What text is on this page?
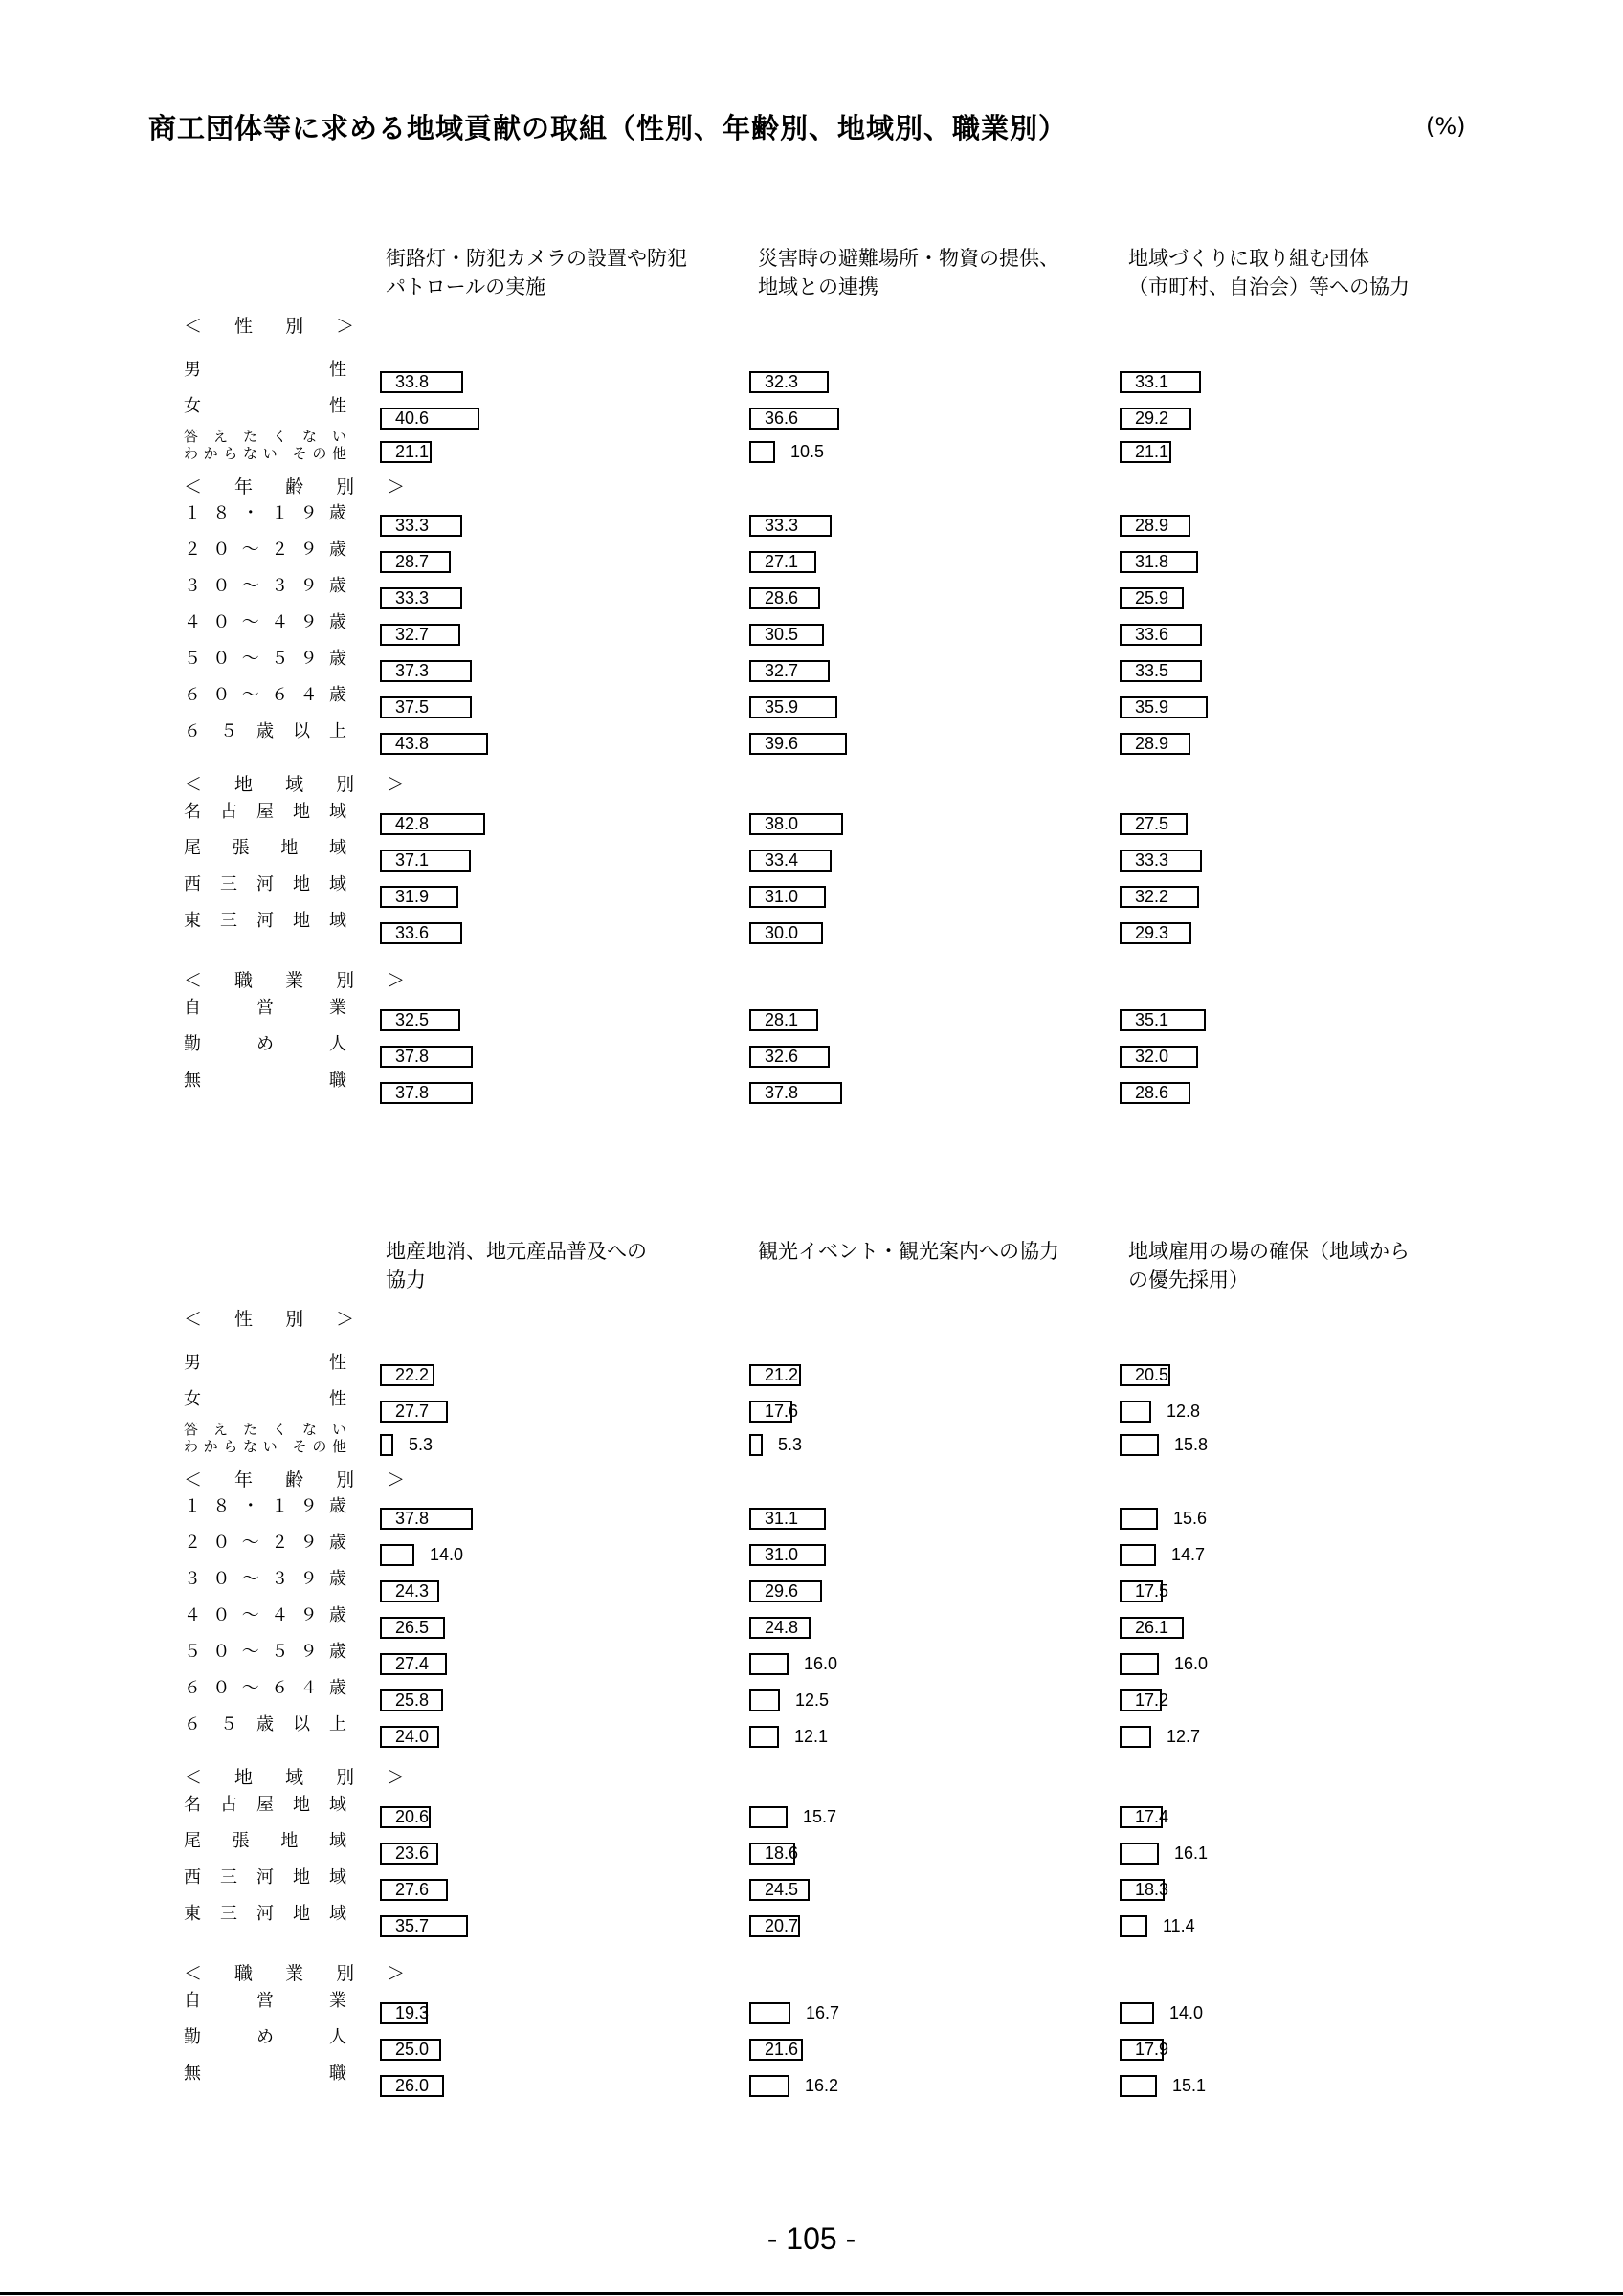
商工団体等に求める地域貢献の取組（性別、年齢別、地域別、職業別）	(%)
街路灯・防犯カメラの設置や防犯
パトロールの実施
災害時の避難場所・物資の提供、
地域との連携
地域づくりに取り組む団体
（市町村、自治会）等への協力
＜ 性 別 ＞
男　性
33.8	32.3	33.1
女　性
40.6	36.6	29.2
答えたくない
わからない その他	21.1	10.5	21.1
＜ 年 齢 別 ＞
１８・１９歳
33.3	33.3	28.9
２０～２９歳
28.7	27.1	31.8
３０～３９歳
33.3	28.6	25.9
４０～４９歳
32.7	30.5	33.6
５０～５９歳
37.3	32.7	33.5
６０～６４歳
37.5	35.9	35.9
６５歳以上
43.8	39.6	28.9
＜ 地 域 別 ＞
名古屋地域
42.8	38.0	27.5
尾張地域
37.1	33.4	33.3
西三河地域
31.9	31.0	32.2
東三河地域
33.6	30.0	29.3
＜ 職 業 別 ＞
自営業
32.5	28.1	35.1
勤め人
37.8	32.6	32.0
無職
37.8	37.8	28.6
地産地消、地元産品普及への
協力
観光イベント・観光案内への協力	地域雇用の場の確保（地域から
の優先採用）
＜ 性 別 ＞
男　性
22.2	21.2	20.5
女　性
27.7	17.6	12.8
答えたくない
わからない その他	5.3	5.3	15.8
＜ 年 齢 別 ＞
１８・１９歳
37.8	31.1	15.6
２０～２９歳
14.0	31.0	14.7
３０～３９歳
24.3	29.6	17.5
４０～４９歳
26.5	24.8	26.1
５０～５９歳
27.4	16.0	16.0
６０～６４歳
25.8	12.5	17.2
６５歳以上
24.0	12.1	12.7
＜ 地 域 別 ＞
名古屋地域
20.6	15.7	17.4
尾張地域
23.6	18.6	16.1
西三河地域
27.6	24.5	18.3
東三河地域
35.7	20.7	11.4
＜ 職 業 別 ＞
自営業
19.3	16.7	14.0
勤め人
25.0	21.6	17.9
無職
26.0	16.2	15.1
- 105 -
